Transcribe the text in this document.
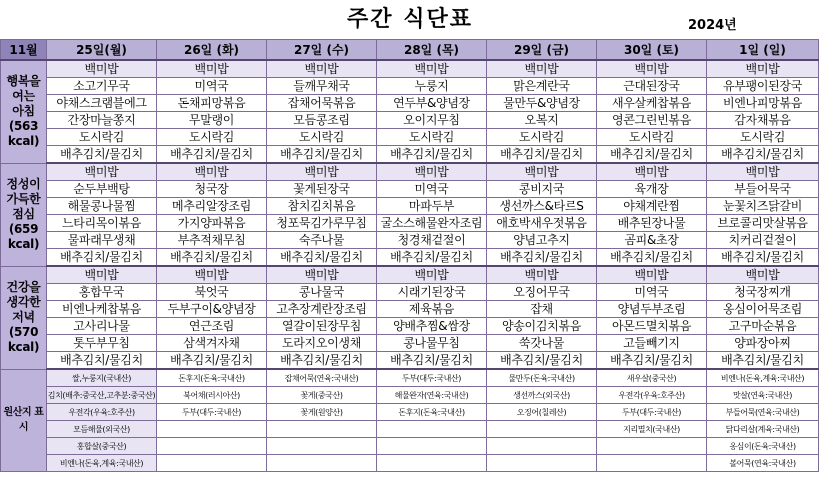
주간 식단표	2024년
11월	25일(월)	26일 (화)	27일 (수)	28일 (목)	29일 (금)	30일 (토)	1일 (일)

행복을
여는
아침
(563
kcal)	백미밥	백미밥	백미밥	백미밥	백미밥	백미밥	백미밥
	소고기무국	미역국	들깨무채국	누룽지	맑은계란국	근대된장국	유부팽이된장국
	야채스크램블에그	돈채피망볶음	잡채어묵볶음	연두부&양념장	물만두&양념장	새우살케찹볶음	비엔나피망볶음
	간장마늘쫑지	무말랭이	모듬콩조림	오이지무침	오복지	영콘그린빈볶음	감자채볶음
	도시락김	도시락김	도시락김	도시락김	도시락김	도시락김	도시락김
	배추김치/물김치	배추김치/물김치	배추김치/물김치	배추김치/물김치	배추김치/물김치	배추김치/물김치	배추김치/물김치

정성이
가득한
점심
(659
kcal)	백미밥	백미밥	백미밥	백미밥	백미밥	백미밥	백미밥
	순두부백탕	청국장	꽃게된장국	미역국	콩비지국	육개장	부들어묵국
	해물콩나물찜	메추리알장조림	참치김치볶음	마파두부	생선까스&타르S	야채계란찜	눈꽃치즈닭갈비
	느타리목이볶음	가지양파볶음	청포묵김가루무침	굴소스해물완자조림	애호박새우젓볶음	배추된장나물	브로콜리맛살볶음
	물파래무생채	부추적채무침	숙주나물	청경채겉절이	양념고추지	곰피&초장	치커리겉절이
	배추김치/물김치	배추김치/물김치	배추김치/물김치	배추김치/물김치	배추김치/물김치	배추김치/물김치	배추김치/물김치

건강을
생각한
저녁
(570
kcal)	백미밥	백미밥	백미밥	백미밥	백미밥	백미밥	백미밥
	홍합무국	북엇국	콩나물국	시래기된장국	오징어무국	미역국	청국장찌개
	비엔나케찹볶음	두부구이&양념장	고추장계란장조림	제육볶음	잡채	양념두부조림	옹심이어묵조림
	고사리나물	연근조림	열갈이된장무침	양배추찜&쌈장	양송이김치볶음	아몬드멸치볶음	고구마순볶음
	톳두부무침	삼색겨자채	도라지오이생채	콩나물무침	쑥갓나물	고들빼기지	양파장아찌
	배추김치/물김치	배추김치/물김치	배추김치/물김치	배추김치/물김치	배추김치/물김치	배추김치/물김치	배추김치/물김치
원산지 표시	쌀,누룽지(국내산)	돈후지(돈육:국내산)	잡채어묵(연육:국내산)	두부(대두:국내산)	물만두(돈육:국내산)	새우살(중국산)	비엔나(돈육,계육:국내산)
	김치(배추:중국산,고추분:중국산)	북어채(러시아산)	꽃게(중국산)	해물완자(연육:국내산)	생선까스(외국산)	우전각(우육:호주산)	맛살(연육:국내산)
	우전각(우육:호주산)	두부(대두:국내산)	꽃게(원양산)	돈후지(돈육:국내산)	오징어(칠레산)	두부(대두:국내산)	부들어묵(연육:국내산)
	모듬해물(외국산)					지리멸치(국내산)	닭다리살(계육:국내산)
	홍합살(중국산)						옹심이(돈육:국내산)
	비엔나(돈육,계육:국내산)						볼어묵(연육:국내산)
